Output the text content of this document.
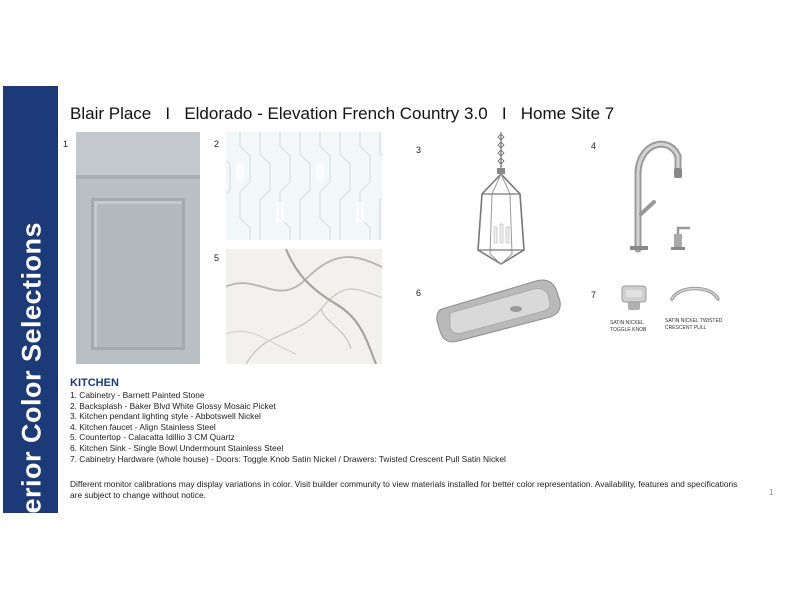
Interior Color Selections
Blair Place   I   Eldorado - Elevation French Country 3.0   I   Home Site 7
1	2
5
3	4
6	7
SATIN NICKEL TOGGLE KNOB
SATIN NICKEL TWISTED CRESCENT PULL
KITCHEN
1. Cabinetry - Barnett Painted Stone
2. Backsplash - Baker Blvd White Glossy Mosaic Picket
3. Kitchen pendant lighting style - Abbotswell Nickel
4. Kitchen faucet - Align Stainless Steel
5. Countertop - Calacatta Idillio 3 CM Quartz
6. Kitchen Sink - Single Bowl Undermount Stainless Steel
7. Cabinetry Hardware (whole house) - Doors: Toggle Knob Satin Nickel / Drawers: Twisted Crescent Pull Satin Nickel
Different monitor calibrations may display variations in color. Visit builder community to view materials installed for better color representation. Availability, features and specifications are subject to change without notice.	1
